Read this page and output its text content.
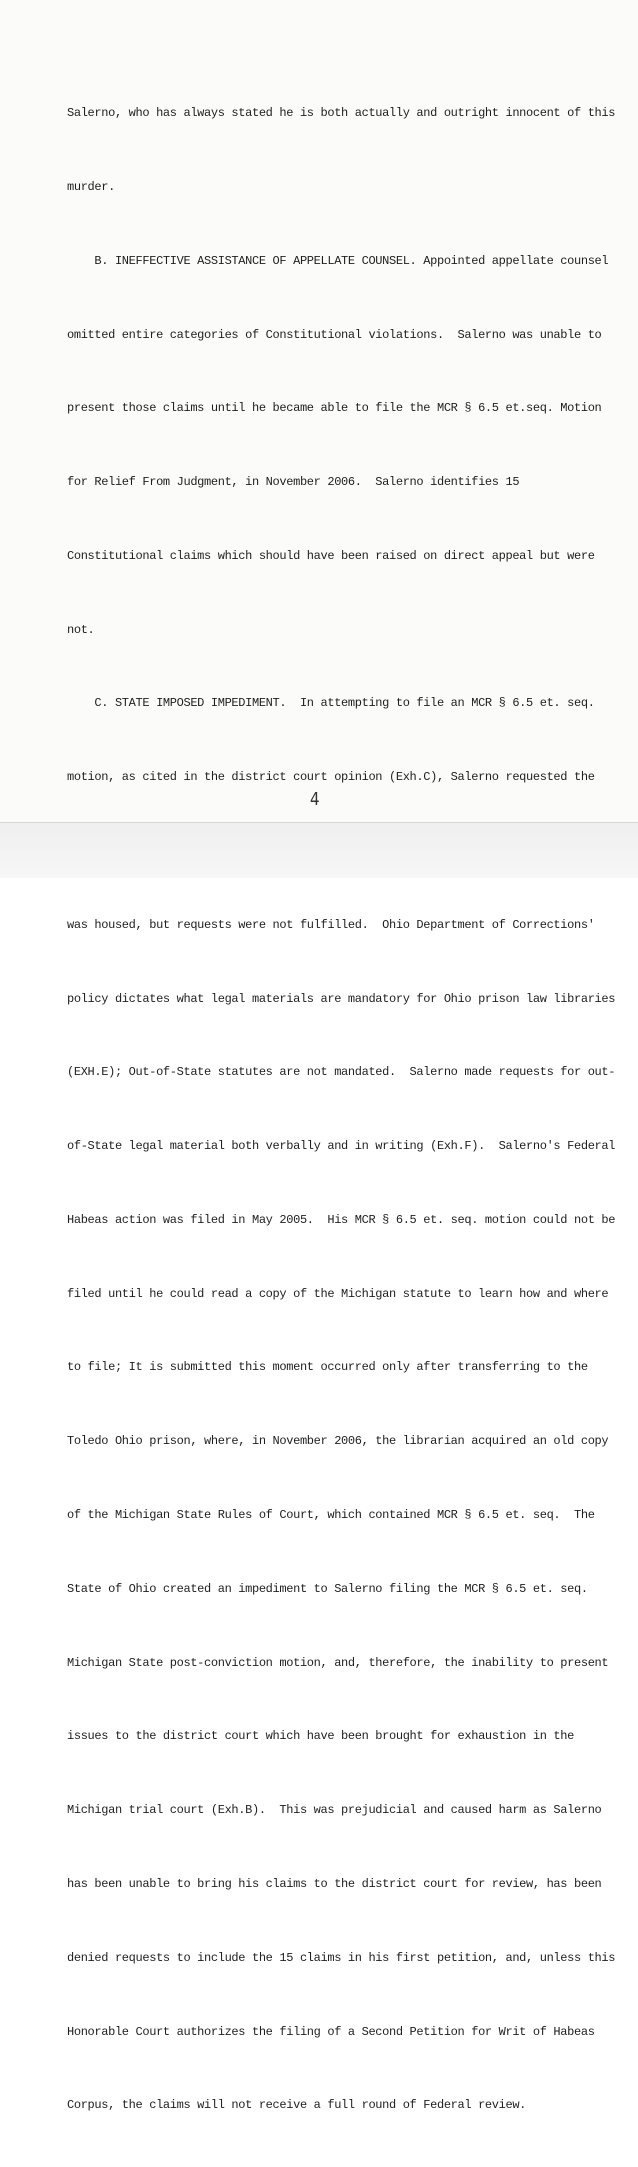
Salerno, who has always stated he is both actually and outright innocent of this

murder.

B. INEFFECTIVE ASSISTANCE OF APPELLATE COUNSEL. Appointed appellate counsel

omitted entire categories of Constitutional violations.  Salerno was unable to

present those claims until he became able to file the MCR § 6.5 et.seq. Motion

for Relief From Judgment, in November 2006.  Salerno identifies 15

Constitutional claims which should have been raised on direct appeal but were

not.

C. STATE IMPOSED IMPEDIMENT.  In attempting to file an MCR § 6.5 et. seq.

motion, as cited in the district court opinion (Exh.C), Salerno requested the

was housed, but requests were not fulfilled.  Ohio Department of Corrections'

policy dictates what legal materials are mandatory for Ohio prison law libraries

(EXH.E); Out-of-State statutes are not mandated.  Salerno made requests for out-

of-State legal material both verbally and in writing (Exh.F).  Salerno's Federal

Habeas action was filed in May 2005.  His MCR § 6.5 et. seq. motion could not be

filed until he could read a copy of the Michigan statute to learn how and where

to file; It is submitted this moment occurred only after transferring to the

Toledo Ohio prison, where, in November 2006, the librarian acquired an old copy

of the Michigan State Rules of Court, which contained MCR § 6.5 et. seq.  The

State of Ohio created an impediment to Salerno filing the MCR § 6.5 et. seq.

Michigan State post-conviction motion, and, therefore, the inability to present

issues to the district court which have been brought for exhaustion in the

Michigan trial court (Exh.B).  This was prejudicial and caused harm as Salerno

has been unable to bring his claims to the district court for review, has been

denied requests to include the 15 claims in his first petition, and, unless this

Honorable Court authorizes the filing of a Second Petition for Writ of Habeas

Corpus, the claims will not receive a full round of Federal review.

4
